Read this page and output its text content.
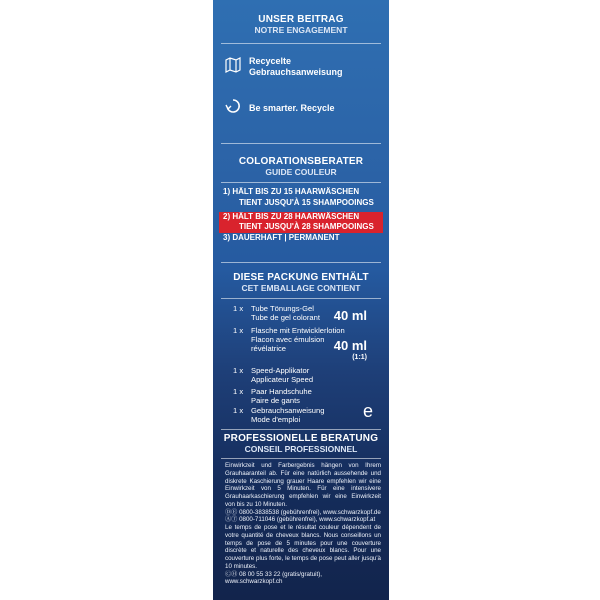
UNSER BEITRAG
NOTRE ENGAGEMENT
Recycelte
Gebrauchsanweisung
Be smarter. Recycle
COLORATIONSBERATER
GUIDE COULEUR
1) HÄLT BIS ZU 15 HAARWÄSCHEN
TIENT JUSQU'À 15 SHAMPOOINGS
2) HÄLT BIS ZU 28 HAARWÄSCHEN
TIENT JUSQU'À 28 SHAMPOOINGS
3) DAUERHAFT | PERMANENT
DIESE PACKUNG ENTHÄLT
CET EMBALLAGE CONTIENT
1 x Tube Tönungs-Gel
Tube de gel colorant 40 ml
1 x Flasche mit Entwicklerlotion
Flacon avec émulsion révélatrice	40 ml
(1:1)
1 x Speed-Applikator
Applicateur Speed
1 x Paar Handschuhe
Paire de gants
1 x Gebrauchsanweisung
Mode d'emploi	e
PROFESSIONELLE BERATUNG
CONSEIL PROFESSIONNEL

Einwirkzeit und Farbergebnis hängen von Ihrem Grauhaaranteil ab. Für eine natürlich aussehende und diskrete Kaschierung grauer Haare empfehlen wir eine Einwirkzeit von 5 Minuten. Für eine intensivere Grauhaarkaschierung empfehlen wir eine Einwirkzeit von bis zu 10 Minuten.

ⒹⒺ 0800-3838538 (gebührenfrei), www.schwarzkopf.de

ⒶⓉ 0800-711046 (gebührenfrei), www.schwarzkopf.at

Le temps de pose et le résultat couleur dépendent de votre quantité de cheveux blancs. Nous conseillons un temps de pose de 5 minutes pour une couverture discrète et naturelle des cheveux blancs. Pour une couverture plus forte, le temps de pose peut aller jusqu'à 10 minutes.

ⒸⒽ 08 00 55 33 22 (gratis/gratuit), www.schwarzkopf.ch
